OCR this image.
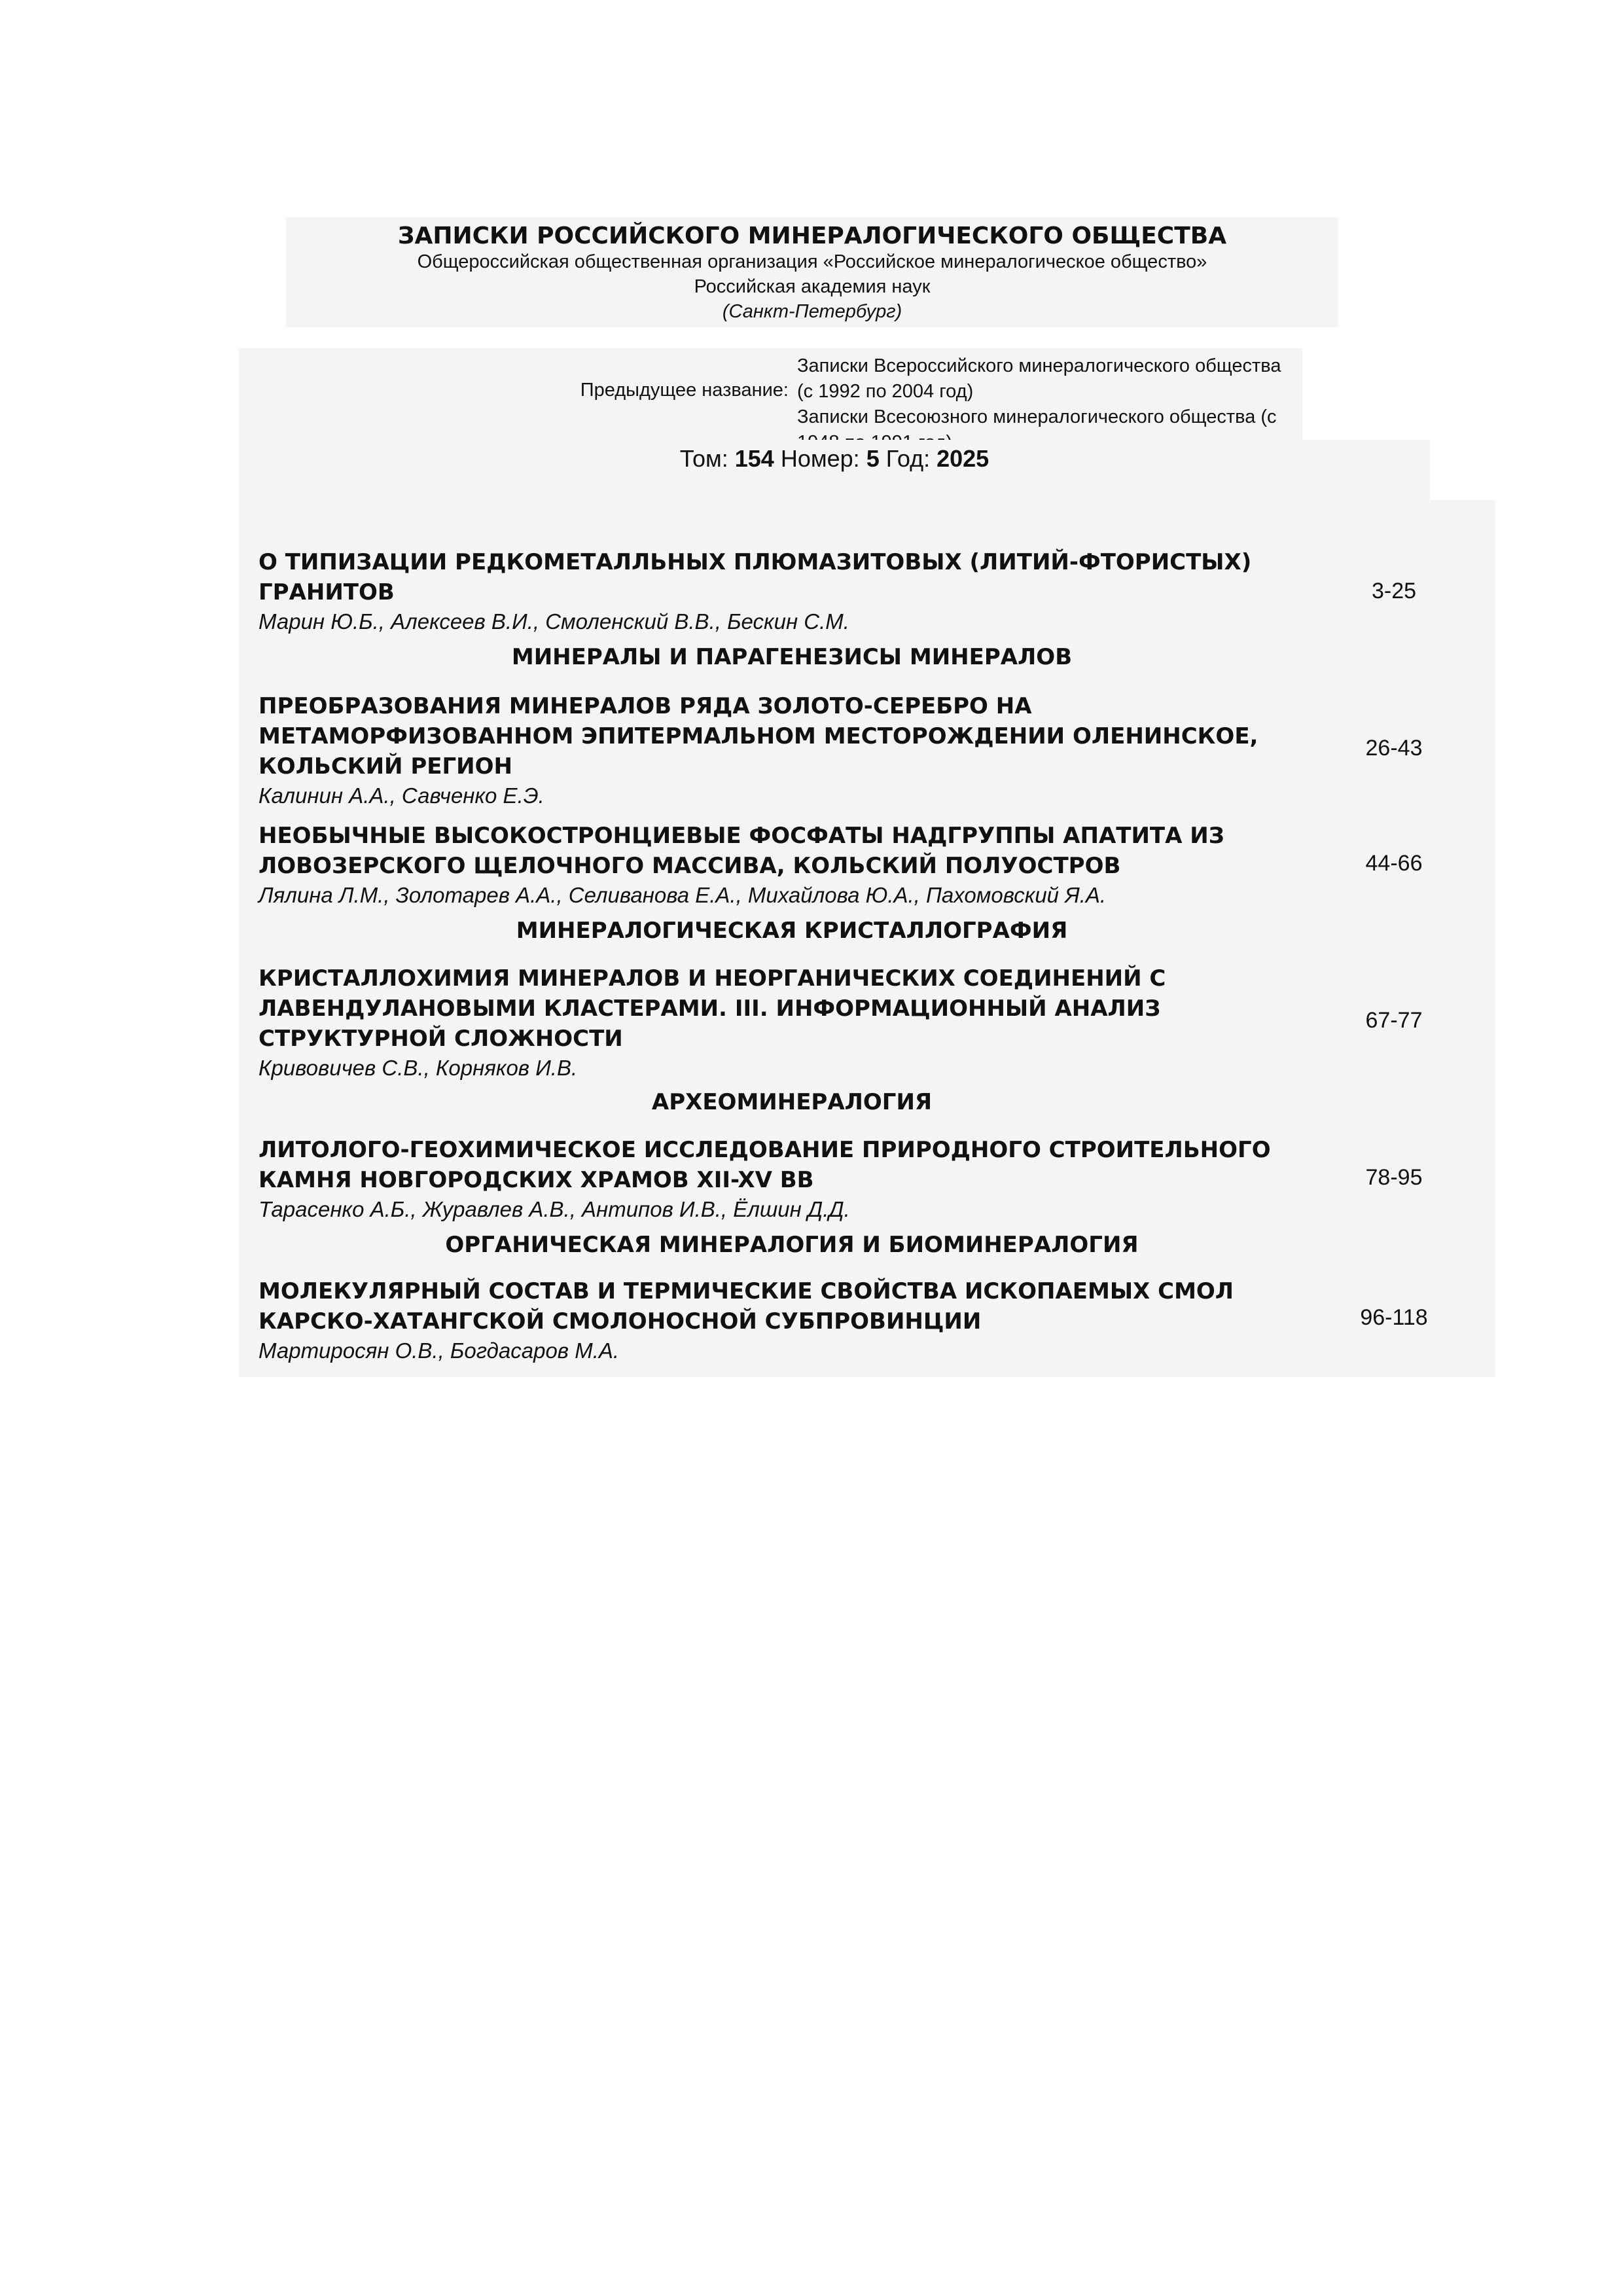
ЗАПИСКИ РОССИЙСКОГО МИНЕРАЛОГИЧЕСКОГО ОБЩЕСТВА
Общероссийская общественная организация «Российское минералогическое общество»
Российская академия наук
(Санкт-Петербург)
Предыдущее название:
Записки Всероссийского минералогического общества (с 1992 по 2004 год)
Записки Всесоюзного минералогического общества (с
Том: 154 Номер: 5 Год: 2025
О ТИПИЗАЦИИ РЕДКОМЕТАЛЛЬНЫХ ПЛЮМАЗИТОВЫХ (ЛИТИЙ-ФТОРИСТЫХ)
ГРАНИТОВ
Марин Ю.Б., Алексеев В.И., Смоленский В.В., Бескин С.М.
3-25
МИНЕРАЛЫ И ПАРАГЕНЕЗИСЫ МИНЕРАЛОВ
ПРЕОБРАЗОВАНИЯ МИНЕРАЛОВ РЯДА ЗОЛОТО-СЕРЕБРО НА
МЕТАМОРФИЗОВАННОМ ЭПИТЕРМАЛЬНОМ МЕСТОРОЖДЕНИИ ОЛЕНИНСКОЕ,
КОЛЬСКИЙ РЕГИОН
Калинин А.А., Савченко Е.Э.
26-43
НЕОБЫЧНЫЕ ВЫСОКОСТРОНЦИЕВЫЕ ФОСФАТЫ НАДГРУППЫ АПАТИТА ИЗ
ЛОВОЗЕРСКОГО ЩЕЛОЧНОГО МАССИВА, КОЛЬСКИЙ ПОЛУОСТРОВ
Лялина Л.М., Золотарев А.А., Селиванова Е.А., Михайлова Ю.А., Пахомовский Я.А.
44-66
МИНЕРАЛОГИЧЕСКАЯ КРИСТАЛЛОГРАФИЯ
КРИСТАЛЛОХИМИЯ МИНЕРАЛОВ И НЕОРГАНИЧЕСКИХ СОЕДИНЕНИЙ С
ЛАВЕНДУЛАНОВЫМИ КЛАСТЕРАМИ. III. ИНФОРМАЦИОННЫЙ АНАЛИЗ
СТРУКТУРНОЙ СЛОЖНОСТИ
Кривовичев С.В., Корняков И.В.
67-77
АРХЕОМИНЕРАЛОГИЯ
ЛИТОЛОГО-ГЕОХИМИЧЕСКОЕ ИССЛЕДОВАНИЕ ПРИРОДНОГО СТРОИТЕЛЬНОГО
КАМНЯ НОВГОРОДСКИХ ХРАМОВ XII-XV ВВ
Тарасенко А.Б., Журавлев А.В., Антипов И.В., Ёлшин Д.Д.
78-95
ОРГАНИЧЕСКАЯ МИНЕРАЛОГИЯ И БИОМИНЕРАЛОГИЯ
МОЛЕКУЛЯРНЫЙ СОСТАВ И ТЕРМИЧЕСКИЕ СВОЙСТВА ИСКОПАЕМЫХ СМОЛ
КАРСКО-ХАТАНГСКОЙ СМОЛОНОСНОЙ СУБПРОВИНЦИИ
Мартиросян О.В., Богдасаров М.А.
96-118
